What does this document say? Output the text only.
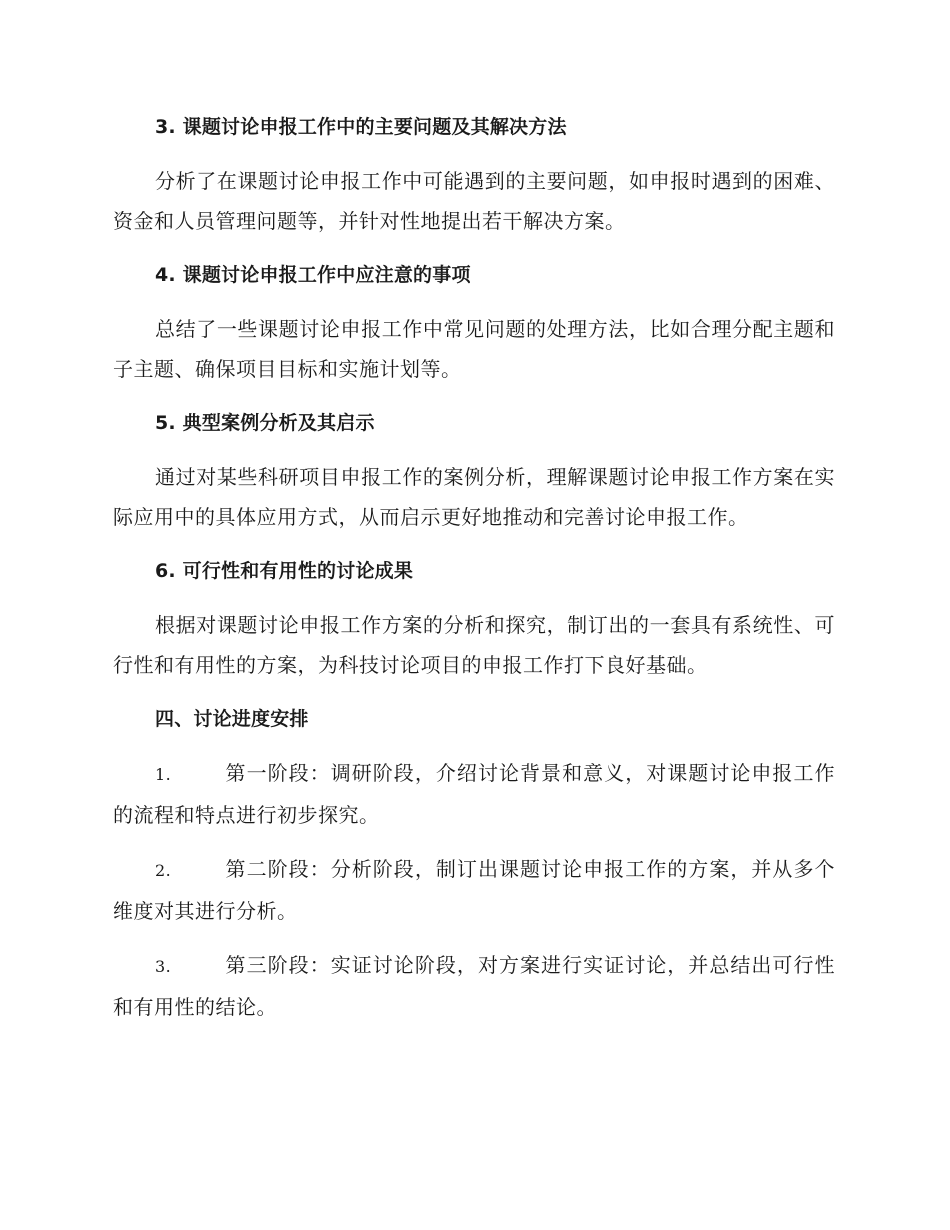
3. 课题讨论申报工作中的主要问题及其解决方法

分析了在课题讨论申报工作中可能遇到的主要问题，如申报时遇到的困难、资金和人员管理问题等，并针对性地提出若干解决方案。

4. 课题讨论申报工作中应注意的事项

总结了一些课题讨论申报工作中常见问题的处理方法，比如合理分配主题和子主题、确保项目目标和实施计划等。

5. 典型案例分析及其启示

通过对某些科研项目申报工作的案例分析，理解课题讨论申报工作方案在实际应用中的具体应用方式，从而启示更好地推动和完善讨论申报工作。

6. 可行性和有用性的讨论成果

根据对课题讨论申报工作方案的分析和探究，制订出的一套具有系统性、可行性和有用性的方案，为科技讨论项目的申报工作打下良好基础。

四、讨论进度安排

1.	第一阶段：调研阶段，介绍讨论背景和意义，对课题讨论申报工作的流程和特点进行初步探究。

2.	第二阶段：分析阶段，制订出课题讨论申报工作的方案，并从多个维度对其进行分析。

3.	第三阶段：实证讨论阶段，对方案进行实证讨论，并总结出可行性和有用性的结论。
